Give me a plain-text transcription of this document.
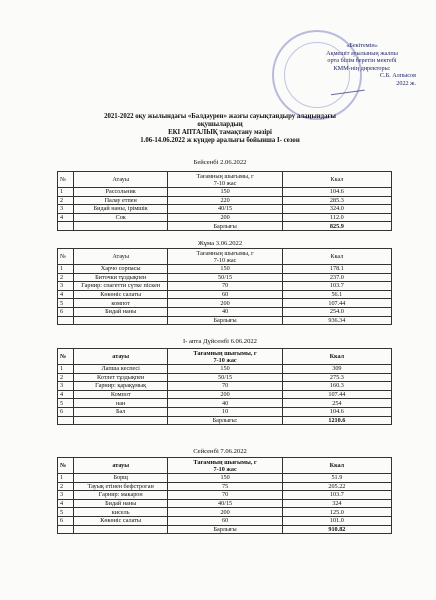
«Бекітемін»
Ақмешіт ауылының жалпы
орта білім беретін мектебі
КММ-нің директоры:
С.Б. Алпысов
2022 ж.
2021-2022 оқу жылындағы «Балдәурен» жазғы сауықтандыру алаңындағы
оқушылардың
ЕКІ АПТАЛЫҚ тамақтану мәзірі
1.06-14.06.2022 ж күндер аралығы бойынша I- сезон
Бейсенбі 2.06.2022
№	Атауы	Тағамның шығымы, г
7-10 жас	Ккал
1	Рассольник	150	104.6
2	Палау етпен	220	285.3
3	Бидай наны, ірімшік	40/15	324.0
4	Сок	200	112.0
		Барлығы	825.9
Жұма 3.06.2022
№	Атауы	Тағамның шығымы, г
7-10 жас	Ккал
1	Харчо сорпасы	150	178.1
2	Биточки тұздықпен	50/15	237.0
3	Гарнир: спагетти сүтке піскен	70	103.7
4	Көкөніс салаты	60	56.1
5	компот	200	107.44
6	Бидай наны	40	254.0
		Барлығы	936.34
I- апта Дүйсенбі 6.06.2022
№	атауы	Тағамның шығымы, г
7-10 жас	Ккал
1	Лапша кеспесі	150	309
2	Котлет тұздықпен	50/15	275.3
3	Гарнир: қарақұмық	70	160.3
4	Компот	200	107.44
5	нан	40	254
6	Бал	10	104.6
		Барлығы:	1210.6
Сейсенбі 7.06.2022
№	атауы	Тағамның шығымы, г
7-10 жас	Ккал
1	Борщ	150	51.9
2	Тауық етінен бефстроган	75	205.22
3	Гарнир: макарон	70	103.7
4	Бидай наны	40/15	324
5	кисель	200	125.0
6	Көкөніс салаты	60	101.0
		Барлығы	910.82
